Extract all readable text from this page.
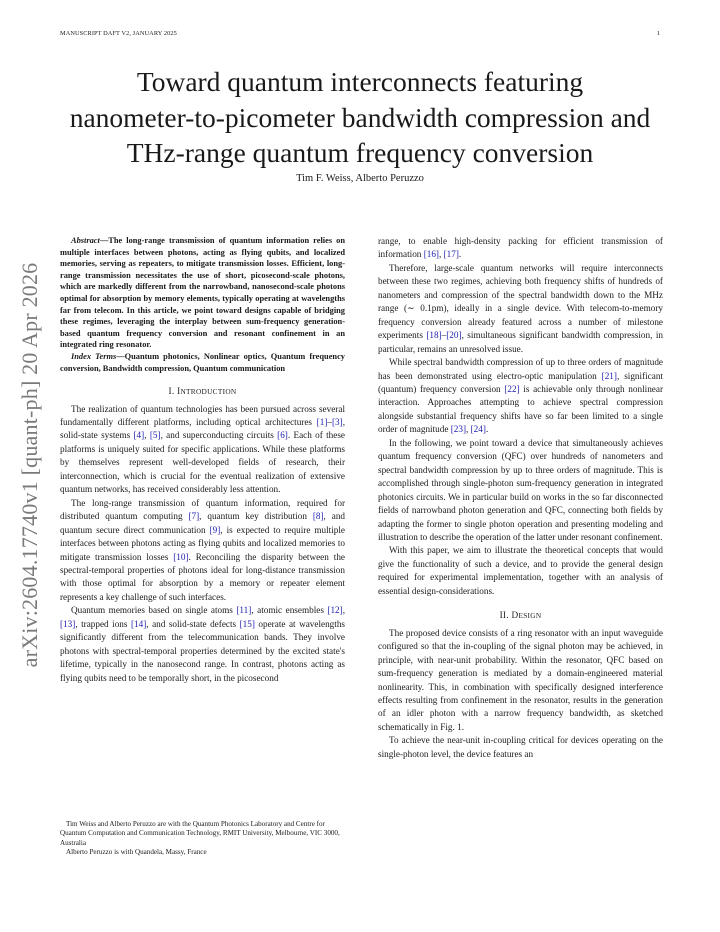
MANUSCRIPT DAFT V2, JANUARY 2025	1
Toward quantum interconnects featuring
nanometer-to-picometer bandwidth compression and
THz-range quantum frequency conversion
Tim F. Weiss, Alberto Peruzzo
arXiv:2604.17740v1 [quant-ph] 20 Apr 2026

Abstract—The long-range transmission of quantum information relies on multiple interfaces between photons, acting as flying qubits, and localized memories, serving as repeaters, to mitigate transmission losses. Efficient, long-range transmission necessitates the use of short, picosecond-scale photons, which are markedly different from the narrowband, nanosecond-scale photons optimal for absorption by memory elements, typically operating at wavelengths far from telecom. In this article, we point toward designs capable of bridging these regimes, leveraging the interplay between sum-frequency generation-based quantum frequency conversion and resonant confinement in an integrated ring resonator.

Index Terms—Quantum photonics, Nonlinear optics, Quantum frequency conversion, Bandwidth compression, Quantum communication

I. INTRODUCTION

The realization of quantum technologies has been pursued across several fundamentally different platforms, including optical architectures [1]–[3], solid-state systems [4], [5], and superconducting circuits [6]. Each of these platforms is uniquely suited for specific applications. While these platforms by themselves represent well-developed fields of research, their interconnection, which is crucial for the eventual realization of extensive quantum networks, has received considerably less attention.

The long-range transmission of quantum information, required for distributed quantum computing [7], quantum key distribution [8], and quantum secure direct communication [9], is expected to require multiple interfaces between photons acting as flying qubits and localized memories to mitigate transmission losses [10]. Reconciling the disparity between the spectral-temporal properties of photons ideal for long-distance transmission with those optimal for absorption by a memory or repeater element represents a key challenge of such interfaces.

Quantum memories based on single atoms [11], atomic ensembles [12], [13], trapped ions [14], and solid-state defects [15] operate at wavelengths significantly different from the telecommunication bands. They involve photons with spectral-temporal properties determined by the excited state's lifetime, typically in the nanosecond range. In contrast, photons acting as flying qubits need to be temporally short, in the picosecond

range, to enable high-density packing for efficient transmission of information [16], [17].

Therefore, large-scale quantum networks will require interconnects between these two regimes, achieving both frequency shifts of hundreds of nanometers and compression of the spectral bandwidth down to the MHz range (∼ 0.1pm), ideally in a single device. With telecom-to-memory frequency conversion already featured across a number of milestone experiments [18]–[20], simultaneous significant bandwidth compression, in particular, remains an unresolved issue.

While spectral bandwidth compression of up to three orders of magnitude has been demonstrated using electro-optic manipulation [21], significant (quantum) frequency conversion [22] is achievable only through nonlinear interaction. Approaches attempting to achieve spectral compression alongside substantial frequency shifts have so far been limited to a single order of magnitude [23], [24].

In the following, we point toward a device that simultaneously achieves quantum frequency conversion (QFC) over hundreds of nanometers and spectral bandwidth compression by up to three orders of magnitude. This is accomplished through single-photon sum-frequency generation in integrated photonics circuits. We in particular build on works in the so far disconnected fields of narrowband photon generation and QFC, connecting both fields by adapting the former to single photon operation and presenting modeling and illustration to describe the operation of the latter under resonant confinement.

With this paper, we aim to illustrate the theoretical concepts that would give the functionality of such a device, and to provide the general design required for experimental implementation, together with an analysis of essential design-considerations.

II. DESIGN

The proposed device consists of a ring resonator with an input waveguide configured so that the in-coupling of the signal photon may be achieved, in principle, with near-unit probability. Within the resonator, QFC based on sum-frequency generation is mediated by a domain-engineered material nonlinearity. This, in combination with specifically designed interference effects resulting from confinement in the resonator, results in the generation of an idler photon with a narrow frequency bandwidth, as sketched schematically in Fig. 1.

To achieve the near-unit in-coupling critical for devices operating on the single-photon level, the device features an

Tim Weiss and Alberto Peruzzo are with the Quantum Photonics Laboratory and Centre for Quantum Computation and Communication Technology, RMIT University, Melbourne, VIC 3000, Australia

Alberto Peruzzo is with Quandela, Massy, France
